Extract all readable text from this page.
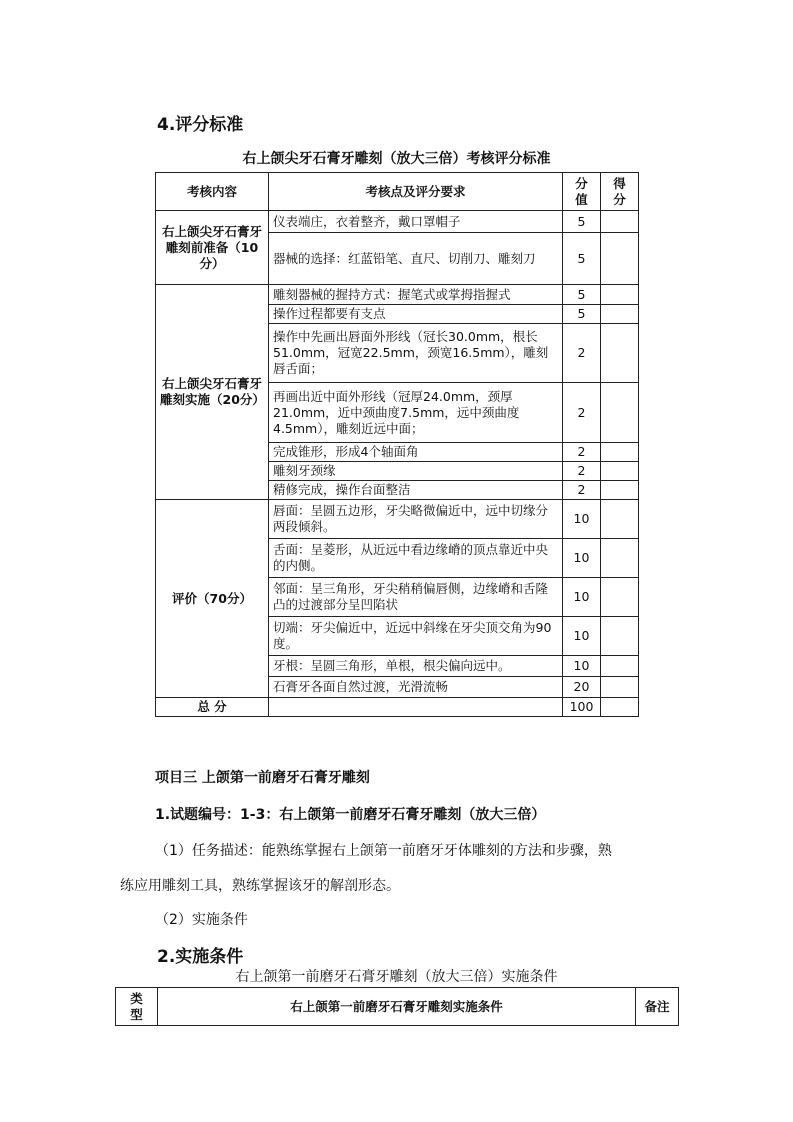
4.评分标准
右上颌尖牙石膏牙雕刻（放大三倍）考核评分标准
考核内容	考核点及评分要求	分值	得分
右上颌尖牙石膏牙雕刻前准备（10分）	仪表端庄，衣着整齐，戴口罩帽子	5	
	器械的选择：红蓝铅笔、直尺、切削刀、雕刻刀	5	
右上颌尖牙石膏牙雕刻实施（20分）	雕刻器械的握持方式：握笔式或掌拇指握式	5	
	操作过程都要有支点	5	
	操作中先画出唇面外形线（冠长30.0mm，根长51.0mm，冠宽22.5mm，颈宽16.5mm），雕刻唇舌面；	2	
	再画出近中面外形线（冠厚24.0mm，颈厚21.0mm，近中颈曲度7.5mm，远中颈曲度4.5mm），雕刻近远中面；	2	
	完成锥形，形成4个轴面角	2	
	雕刻牙颈缘	2	
	精修完成，操作台面整洁	2	
评价（70分）	唇面：呈圆五边形，牙尖略微偏近中，远中切缘分两段倾斜。	10	
	舌面：呈菱形，从近远中看边缘嵴的顶点靠近中央的内侧。	10	
	邻面：呈三角形，牙尖稍稍偏唇侧，边缘嵴和舌隆凸的过渡部分呈凹陷状	10	
	切端：牙尖偏近中，近远中斜缘在牙尖顶交角为90度。	10	
	牙根：呈圆三角形，单根，根尖偏向远中。	10	
	石膏牙各面自然过渡，光滑流畅	20	
总 分		100	
项目三 上颌第一前磨牙石膏牙雕刻
1.试题编号：1-3：右上颌第一前磨牙石膏牙雕刻（放大三倍）
（1）任务描述：能熟练掌握右上颌第一前磨牙牙体雕刻的方法和步骤，熟
练应用雕刻工具，熟练掌握该牙的解剖形态。
（2）实施条件
2.实施条件
右上颌第一前磨牙石膏牙雕刻（放大三倍）实施条件
类型	右上颌第一前磨牙石膏牙雕刻实施条件	备注
